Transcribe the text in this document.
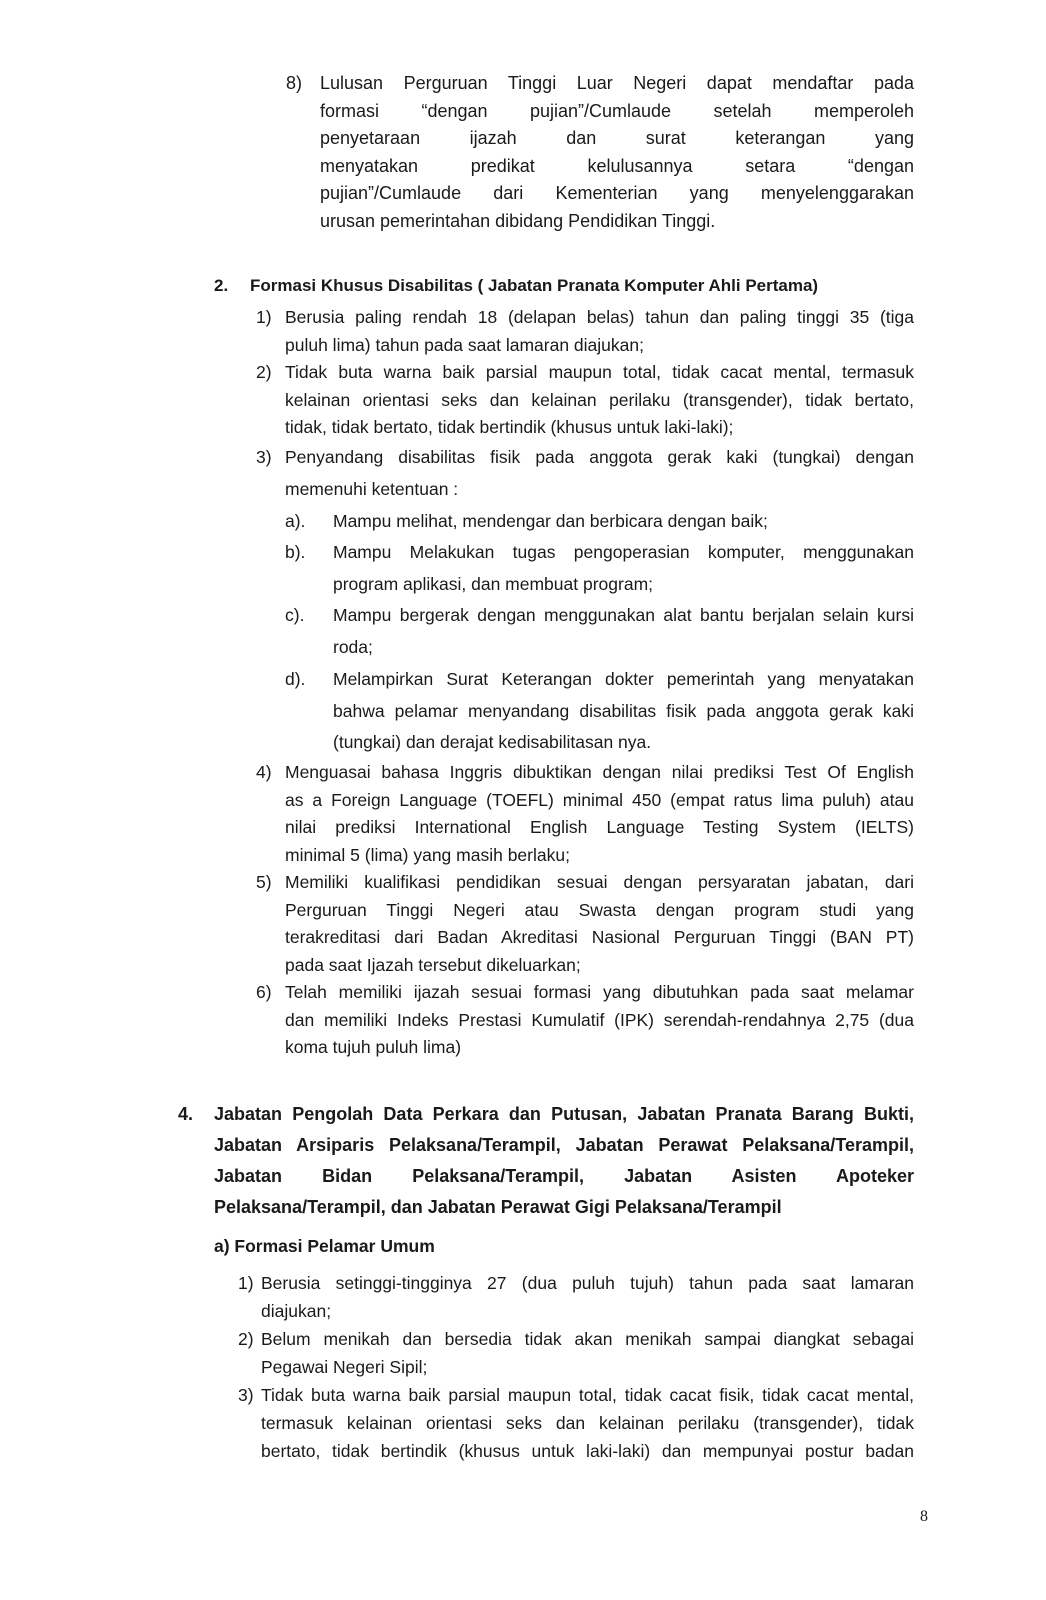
8) Lulusan Perguruan Tinggi Luar Negeri dapat mendaftar pada
formasi “dengan pujian”/Cumlaude setelah memperoleh
penyetaraan ijazah dan surat keterangan yang
menyatakan predikat kelulusannya setara “dengan
pujian”/Cumlaude dari Kementerian yang menyelenggarakan
urusan pemerintahan dibidang Pendidikan Tinggi.
2.	Formasi Khusus Disabilitas ( Jabatan Pranata Komputer Ahli Pertama)
1) Berusia paling rendah 18 (delapan belas) tahun dan paling tinggi 35 (tiga
puluh lima) tahun pada saat lamaran diajukan;
2) Tidak buta warna baik parsial maupun total, tidak cacat mental, termasuk
kelainan orientasi seks dan kelainan perilaku (transgender), tidak bertato,
tidak, tidak bertato, tidak bertindik (khusus untuk laki-laki);
3) Penyandang disabilitas fisik pada anggota gerak kaki (tungkai) dengan
memenuhi ketentuan :
a).	Mampu melihat, mendengar dan berbicara dengan baik;
b).	Mampu Melakukan tugas pengoperasian komputer, menggunakan
program aplikasi, dan membuat program;
c).	Mampu bergerak dengan menggunakan alat bantu berjalan selain kursi
roda;
d).	Melampirkan Surat Keterangan dokter pemerintah yang menyatakan
bahwa pelamar menyandang disabilitas fisik pada anggota gerak kaki
(tungkai) dan derajat kedisabilitasan nya.
4) Menguasai bahasa Inggris dibuktikan dengan nilai prediksi Test Of English
as a Foreign Language (TOEFL) minimal 450 (empat ratus lima puluh) atau
nilai prediksi International English Language Testing System (IELTS)
minimal 5 (lima) yang masih berlaku;
5) Memiliki kualifikasi pendidikan sesuai dengan persyaratan jabatan, dari
Perguruan Tinggi Negeri atau Swasta dengan program studi yang
terakreditasi dari Badan Akreditasi Nasional Perguruan Tinggi (BAN PT)
pada saat Ijazah tersebut dikeluarkan;
6) Telah memiliki ijazah sesuai formasi yang dibutuhkan pada saat melamar
dan memiliki Indeks Prestasi Kumulatif (IPK) serendah-rendahnya 2,75 (dua
koma tujuh puluh lima)
4.	Jabatan Pengolah Data Perkara dan Putusan, Jabatan Pranata Barang Bukti,
Jabatan Arsiparis Pelaksana/Terampil, Jabatan Perawat Pelaksana/Terampil,
Jabatan Bidan Pelaksana/Terampil, Jabatan Asisten Apoteker
Pelaksana/Terampil, dan Jabatan Perawat Gigi Pelaksana/Terampil
a) Formasi Pelamar Umum
1) Berusia setinggi-tingginya 27 (dua puluh tujuh) tahun pada saat lamaran
diajukan;
2) Belum menikah dan bersedia tidak akan menikah sampai diangkat sebagai
Pegawai Negeri Sipil;
3) Tidak buta warna baik parsial maupun total, tidak cacat fisik, tidak cacat mental,
termasuk kelainan orientasi seks dan kelainan perilaku (transgender), tidak
bertato, tidak bertindik (khusus untuk laki-laki) dan mempunyai postur badan
8
